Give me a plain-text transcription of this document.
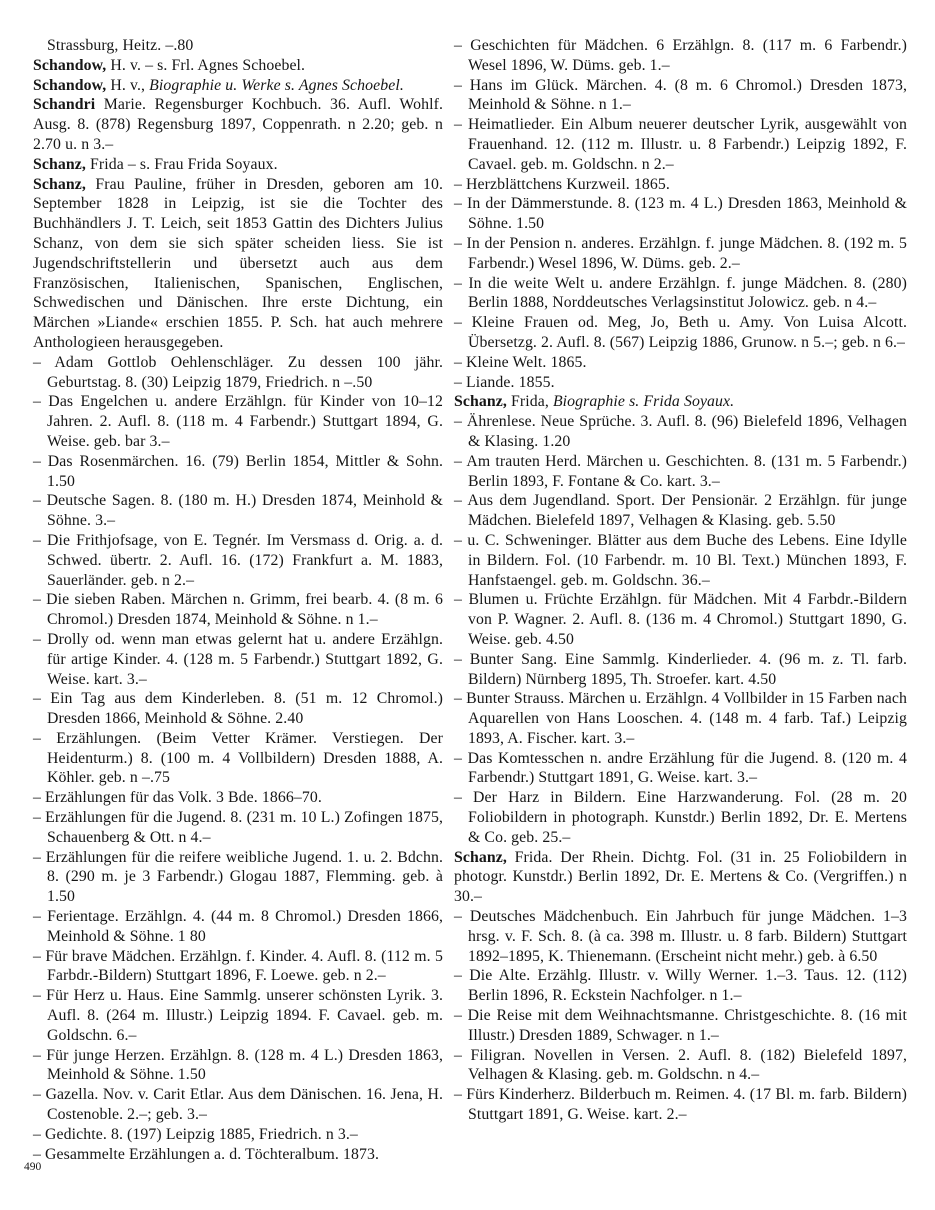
Strassburg, Heitz. –.80

Schandow, H. v. – s. Frl. Agnes Schoebel.

Schandow, H. v., Biographie u. Werke s. Agnes Schoebel.

Schandri Marie. Regensburger Kochbuch. 36. Aufl. Wohlf. Ausg. 8. (878) Regensburg 1897, Coppenrath. n 2.20; geb. n 2.70 u. n 3.–

Schanz, Frida – s. Frau Frida Soyaux.

Schanz, Frau Pauline, früher in Dresden, geboren am 10. September 1828 in Leipzig, ist sie die Tochter des Buchhändlers J. T. Leich, seit 1853 Gattin des Dichters Julius Schanz, von dem sie sich später scheiden liess. Sie ist Jugendschriftstellerin und übersetzt auch aus dem Französischen, Italienischen, Spanischen, Englischen, Schwedischen und Dänischen. Ihre erste Dichtung, ein Märchen »Liande« erschien 1855. P. Sch. hat auch mehrere Anthologieen herausgegeben.

– Adam Gottlob Oehlenschläger. Zu dessen 100 jähr. Geburtstag. 8. (30) Leipzig 1879, Friedrich. n –.50

– Das Engelchen u. andere Erzählgn. für Kinder von 10–12 Jahren. 2. Aufl. 8. (118 m. 4 Farbendr.) Stuttgart 1894, G. Weise. geb. bar 3.–

– Das Rosenmärchen. 16. (79) Berlin 1854, Mittler & Sohn. 1.50

– Deutsche Sagen. 8. (180 m. H.) Dresden 1874, Meinhold & Söhne. 3.–

– Die Frithjofsage, von E. Tegnér. Im Versmass d. Orig. a. d. Schwed. übertr. 2. Aufl. 16. (172) Frankfurt a. M. 1883, Sauerländer. geb. n 2.–

– Die sieben Raben. Märchen n. Grimm, frei bearb. 4. (8 m. 6 Chromol.) Dresden 1874, Meinhold & Söhne. n 1.–

– Drolly od. wenn man etwas gelernt hat u. andere Erzählgn. für artige Kinder. 4. (128 m. 5 Farbendr.) Stuttgart 1892, G. Weise. kart. 3.–

– Ein Tag aus dem Kinderleben. 8. (51 m. 12 Chromol.) Dresden 1866, Meinhold & Söhne. 2.40

– Erzählungen. (Beim Vetter Krämer. Verstiegen. Der Heidenturm.) 8. (100 m. 4 Vollbildern) Dresden 1888, A. Köhler. geb. n –.75

– Erzählungen für das Volk. 3 Bde. 1866–70.

– Erzählungen für die Jugend. 8. (231 m. 10 L.) Zofingen 1875, Schauenberg & Ott. n 4.–

– Erzählungen für die reifere weibliche Jugend. 1. u. 2. Bdchn. 8. (290 m. je 3 Farbendr.) Glogau 1887, Flemming. geb. à 1.50

– Ferientage. Erzählgn. 4. (44 m. 8 Chromol.) Dresden 1866, Meinhold & Söhne. 1 80

– Für brave Mädchen. Erzählgn. f. Kinder. 4. Aufl. 8. (112 m. 5 Farbdr.-Bildern) Stuttgart 1896, F. Loewe. geb. n 2.–

– Für Herz u. Haus. Eine Sammlg. unserer schönsten Lyrik. 3. Aufl. 8. (264 m. Illustr.) Leipzig 1894. F. Cavael. geb. m. Goldschn. 6.–

– Für junge Herzen. Erzählgn. 8. (128 m. 4 L.) Dresden 1863, Meinhold & Söhne. 1.50

– Gazella. Nov. v. Carit Etlar. Aus dem Dänischen. 16. Jena, H. Costenoble. 2.–; geb. 3.–

– Gedichte. 8. (197) Leipzig 1885, Friedrich. n 3.–

– Gesammelte Erzählungen a. d. Töchteralbum. 1873.

– Geschichten für Mädchen. 6 Erzählgn. 8. (117 m. 6 Farbendr.) Wesel 1896, W. Düms. geb. 1.–

– Hans im Glück. Märchen. 4. (8 m. 6 Chromol.) Dresden 1873, Meinhold & Söhne. n 1.–

– Heimatlieder. Ein Album neuerer deutscher Lyrik, ausgewählt von Frauenhand. 12. (112 m. Illustr. u. 8 Farbendr.) Leipzig 1892, F. Cavael. geb. m. Goldschn. n 2.–

– Herzblättchens Kurzweil. 1865.

– In der Dämmerstunde. 8. (123 m. 4 L.) Dresden 1863, Meinhold & Söhne. 1.50

– In der Pension n. anderes. Erzählgn. f. junge Mädchen. 8. (192 m. 5 Farbendr.) Wesel 1896, W. Düms. geb. 2.–

– In die weite Welt u. andere Erzählgn. f. junge Mädchen. 8. (280) Berlin 1888, Norddeutsches Verlagsinstitut Jolowicz. geb. n 4.–

– Kleine Frauen od. Meg, Jo, Beth u. Amy. Von Luisa Alcott. Übersetzg. 2. Aufl. 8. (567) Leipzig 1886, Grunow. n 5.–; geb. n 6.–

– Kleine Welt. 1865.

– Liande. 1855.

Schanz, Frida, Biographie s. Frida Soyaux.

– Ährenlese. Neue Sprüche. 3. Aufl. 8. (96) Bielefeld 1896, Velhagen & Klasing. 1.20

– Am trauten Herd. Märchen u. Geschichten. 8. (131 m. 5 Farbendr.) Berlin 1893, F. Fontane & Co. kart. 3.–

– Aus dem Jugendland. Sport. Der Pensionär. 2 Erzählgn. für junge Mädchen. Bielefeld 1897, Velhagen & Klasing. geb. 5.50

– u. C. Schweninger. Blätter aus dem Buche des Lebens. Eine Idylle in Bildern. Fol. (10 Farbendr. m. 10 Bl. Text.) München 1893, F. Hanfstaengel. geb. m. Goldschn. 36.–

– Blumen u. Früchte Erzählgn. für Mädchen. Mit 4 Farbdr.-Bildern von P. Wagner. 2. Aufl. 8. (136 m. 4 Chromol.) Stuttgart 1890, G. Weise. geb. 4.50

– Bunter Sang. Eine Sammlg. Kinderlieder. 4. (96 m. z. Tl. farb. Bildern) Nürnberg 1895, Th. Stroefer. kart. 4.50

– Bunter Strauss. Märchen u. Erzählgn. 4 Vollbilder in 15 Farben nach Aquarellen von Hans Looschen. 4. (148 m. 4 farb. Taf.) Leipzig 1893, A. Fischer. kart. 3.–

– Das Komtesschen n. andre Erzählung für die Jugend. 8. (120 m. 4 Farbendr.) Stuttgart 1891, G. Weise. kart. 3.–

– Der Harz in Bildern. Eine Harzwanderung. Fol. (28 m. 20 Foliobildern in photograph. Kunstdr.) Berlin 1892, Dr. E. Mertens & Co. geb. 25.–

Schanz, Frida. Der Rhein. Dichtg. Fol. (31 in. 25 Foliobildern in photogr. Kunstdr.) Berlin 1892, Dr. E. Mertens & Co. (Vergriffen.) n 30.–

– Deutsches Mädchenbuch. Ein Jahrbuch für junge Mädchen. 1–3 hrsg. v. F. Sch. 8. (à ca. 398 m. Illustr. u. 8 farb. Bildern) Stuttgart 1892–1895, K. Thienemann. (Erscheint nicht mehr.) geb. à 6.50

– Die Alte. Erzählg. Illustr. v. Willy Werner. 1.–3. Taus. 12. (112) Berlin 1896, R. Eckstein Nachfolger. n 1.–

– Die Reise mit dem Weihnachtsmanne. Christgeschichte. 8. (16 mit Illustr.) Dresden 1889, Schwager. n 1.–

– Filigran. Novellen in Versen. 2. Aufl. 8. (182) Bielefeld 1897, Velhagen & Klasing. geb. m. Goldschn. n 4.–

– Fürs Kinderherz. Bilderbuch m. Reimen. 4. (17 Bl. m. farb. Bildern) Stuttgart 1891, G. Weise. kart. 2.–

490
